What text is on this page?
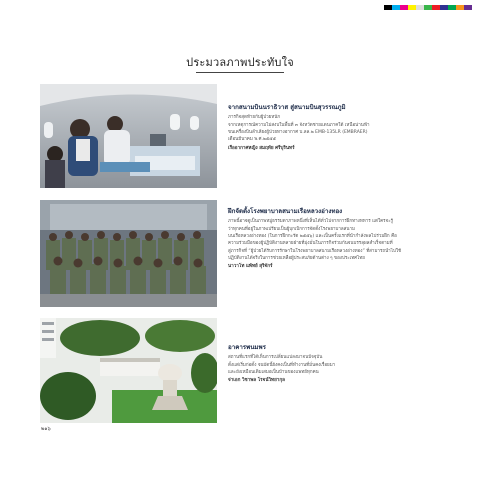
ประมวลภาพประทับใจ
จากสนามบินนราธิวาส สู่สนามบินสุวรรณภูมิ
ภารกิจสุดท้ายกับผู้ป่วยหนัก
จากเหตุการณ์ความไม่สงบในพื้นที่ ๓ จังหวัดชายแดนภาคใต้ เหนือน่านฟ้า
ขนเครื่องบินลำเลียงผู้ป่วยทางอากาศ บ.ลล.๒ EMB-135LR (EMBRAER)
เดือนมีนาคม พ.ศ.๒๕๕๕
เรืออากาศหญิง สมฤทัย ศรีบุรินทร์
ฝึกจัดตั้งโรงพยาบาลสนามเรือหลวงอ่างทอง
ภาพนี้อาจดูเป็นภาพหมู่ธรรมดาภาพหนึ่งที่เห็นได้ทั่วไปจากการฝึกทางทหาร แต่ใครจะรู้
ว่าทุกคนที่อยู่ในภาพเปรียบเป็นผู้บุกเบิกการจัดตั้งโรงพยาบาลสนาม
บนเรือหลวงอ่างทอง (ในการฝึกกะรัต ๒๕๕๖) และเป็นครั้งแรกที่นำกำลังพลไปร่วมฝึก คือ
ความร่วมมือของผู้ปฏิบัติงานหลายฝ่ายที่มุ่งมั่นในภารกิจร่วมกันจนบรรลุผลสำเร็จตามที่
สู่ภารกิจที่ “ผู้ป่วยได้รับการรักษาในโรงพยาบาลสนามเรือหลวงอ่างทอง” ที่สามารถนำไปใช้
ปฏิบัติงานได้จริงในการช่วยเหลือผู้ประสบภัยด้านต่าง ๆ ของประเทศไทย
นาวาโท แพ้ทย์ สุริจักร์
อาคารพนมพร
สถานที่แรกที่ได้เห็นการเปลี่ยนแปลงมาจนปัจจุบัน
ตั้งแต่เริ่มก่อตั้ง จนบัดนี้ยังคงเป็นที่ทำงานที่มั่นคงเรื่อยมา
และยังเหมือนเดิมเสมอเป็นบ้านของแพทย์ทุกคน
จ่าเอก วิชาพล โรจน์วิทยากุล
๒๑๖
